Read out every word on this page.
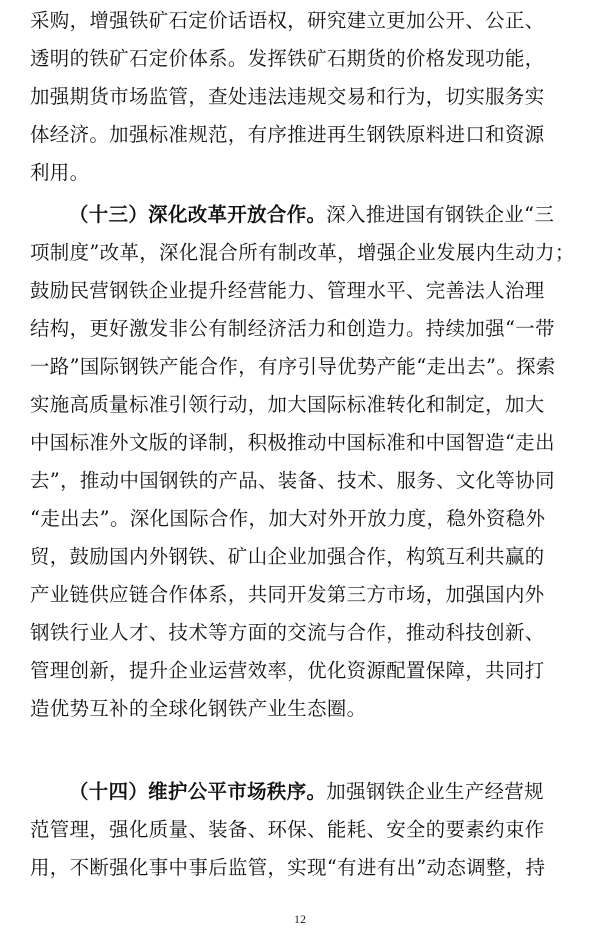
采购，增强铁矿石定价话语权，研究建立更加公开、公正、
透明的铁矿石定价体系。发挥铁矿石期货的价格发现功能，
加强期货市场监管，查处违法违规交易和行为，切实服务实
体经济。加强标准规范，有序推进再生钢铁原料进口和资源
利用。
（十三）深化改革开放合作。深入推进国有钢铁企业“三
项制度”改革，深化混合所有制改革，增强企业发展内生动力；
鼓励民营钢铁企业提升经营能力、管理水平、完善法人治理
结构，更好激发非公有制经济活力和创造力。持续加强“一带
一路”国际钢铁产能合作，有序引导优势产能“走出去”。探索
实施高质量标准引领行动，加大国际标准转化和制定，加大
中国标准外文版的译制，积极推动中国标准和中国智造“走出
去”，推动中国钢铁的产品、装备、技术、服务、文化等协同
“走出去”。深化国际合作，加大对外开放力度，稳外资稳外
贸，鼓励国内外钢铁、矿山企业加强合作，构筑互利共赢的
产业链供应链合作体系，共同开发第三方市场，加强国内外
钢铁行业人才、技术等方面的交流与合作，推动科技创新、
管理创新，提升企业运营效率，优化资源配置保障，共同打
造优势互补的全球化钢铁产业生态圈。
（十四）维护公平市场秩序。加强钢铁企业生产经营规
范管理，强化质量、装备、环保、能耗、安全的要素约束作
用，不断强化事中事后监管，实现“有进有出”动态调整，持
12
